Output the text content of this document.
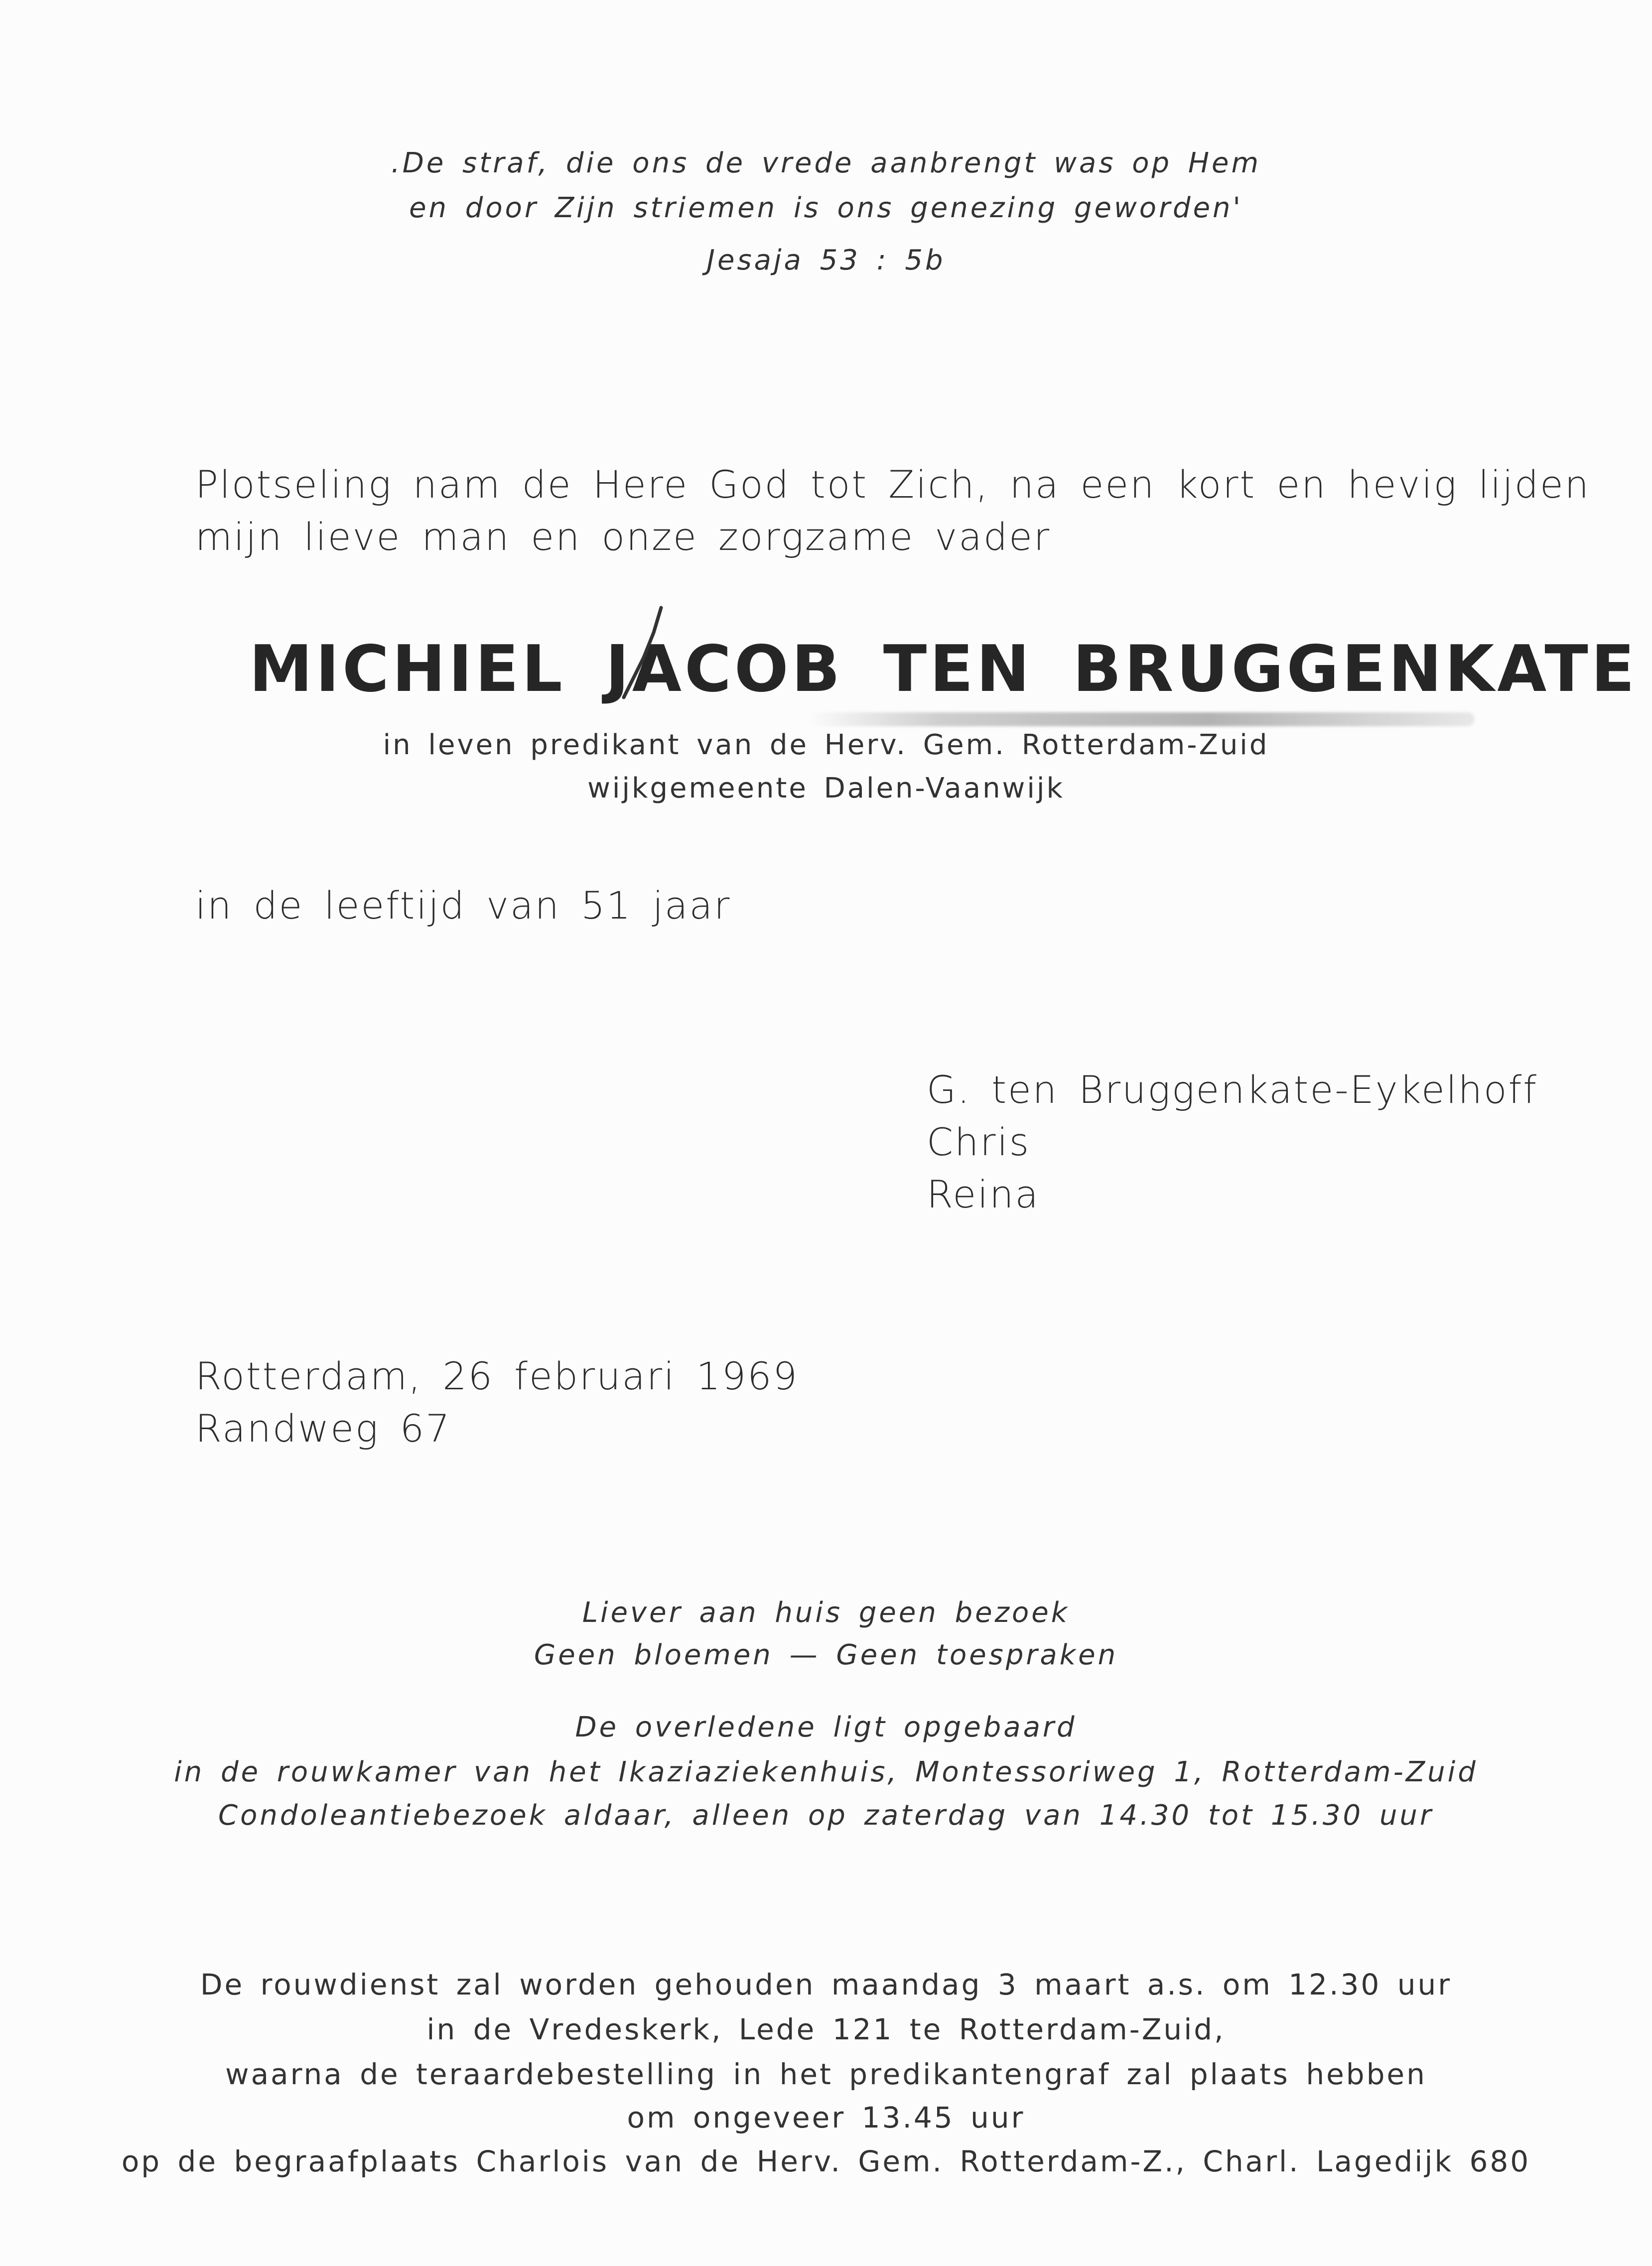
.De straf, die ons de vrede aanbrengt was op Hem
en door Zijn striemen is ons genezing geworden'
Jesaja 53 : 5b
Plotseling nam de Here God tot Zich, na een kort en hevig lijden
mijn lieve man en onze zorgzame vader
MICHIEL JACOB TEN BRUGGENKATE
in leven predikant van de Herv. Gem. Rotterdam-Zuid
wijkgemeente Dalen-Vaanwijk
in de leeftijd van 51 jaar
G. ten Bruggenkate-Eykelhoff
Chris
Reina
Rotterdam, 26 februari 1969
Randweg 67
Liever aan huis geen bezoek
Geen bloemen — Geen toespraken
De overledene ligt opgebaard
in de rouwkamer van het Ikaziaziekenhuis, Montessoriweg 1, Rotterdam-Zuid
Condoleantiebezoek aldaar, alleen op zaterdag van 14.30 tot 15.30 uur
De rouwdienst zal worden gehouden maandag 3 maart a.s. om 12.30 uur
in de Vredeskerk, Lede 121 te Rotterdam-Zuid,
waarna de teraardebestelling in het predikantengraf zal plaats hebben
om ongeveer 13.45 uur
op de begraafplaats Charlois van de Herv. Gem. Rotterdam-Z., Charl. Lagedijk 680
